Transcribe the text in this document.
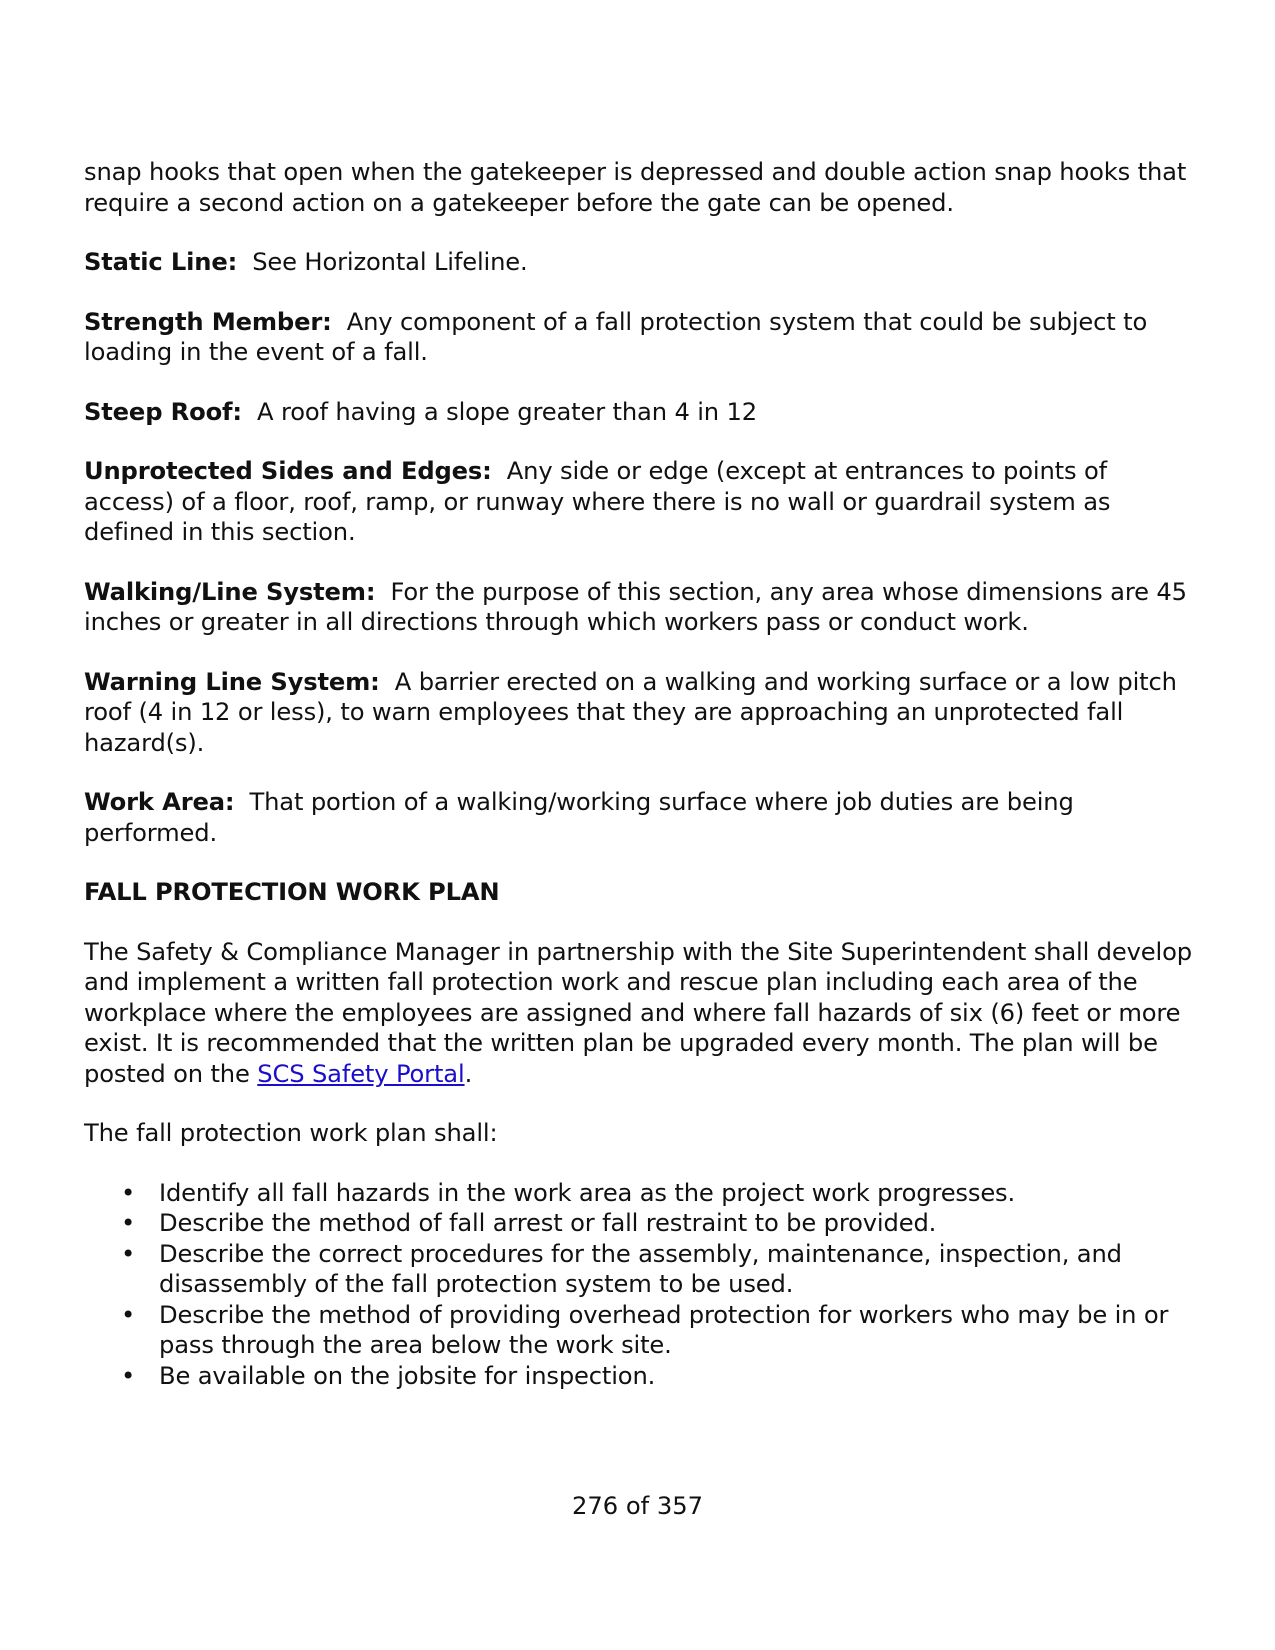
snap hooks that open when the gatekeeper is depressed and double action snap hooks that require a second action on a gatekeeper before the gate can be opened.

Static Line: See Horizontal Lifeline.

Strength Member: Any component of a fall protection system that could be subject to loading in the event of a fall.

Steep Roof: A roof having a slope greater than 4 in 12

Unprotected Sides and Edges: Any side or edge (except at entrances to points of access) of a floor, roof, ramp, or runway where there is no wall or guardrail system as defined in this section.

Walking/Line System: For the purpose of this section, any area whose dimensions are 45 inches or greater in all directions through which workers pass or conduct work.

Warning Line System: A barrier erected on a walking and working surface or a low pitch roof (4 in 12 or less), to warn employees that they are approaching an unprotected fall hazard(s).

Work Area: That portion of a walking/working surface where job duties are being performed.

FALL PROTECTION WORK PLAN

The Safety & Compliance Manager in partnership with the Site Superintendent shall develop and implement a written fall protection work and rescue plan including each area of the workplace where the employees are assigned and where fall hazards of six (6) feet or more exist. It is recommended that the written plan be upgraded every month. The plan will be posted on the SCS Safety Portal.

The fall protection work plan shall:

• Identify all fall hazards in the work area as the project work progresses.
• Describe the method of fall arrest or fall restraint to be provided.
• Describe the correct procedures for the assembly, maintenance, inspection, and disassembly of the fall protection system to be used.
• Describe the method of providing overhead protection for workers who may be in or pass through the area below the work site.
• Be available on the jobsite for inspection.
276 of 357
